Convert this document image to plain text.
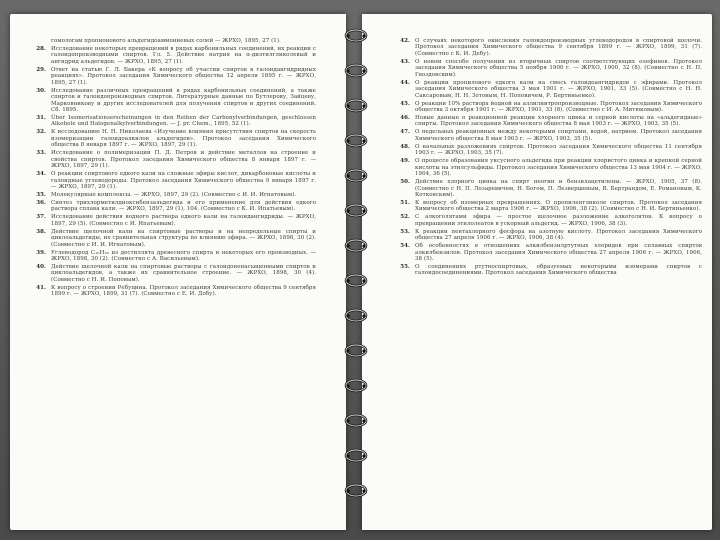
гомологам пропионового альдегидоаммониевых солей — ЖРХО, 1895, 27 (1).
28. Исследование некоторых превращений в рядах карбонильных соединений, их реакции с галоидопроизводными спиртов. Гл. 5. Действие натрия на α-диэтилгликолевый и ангидрид альдегидов. — ЖРХО, 1895, 27 (1).
29. Ответ на статью Г. Л. Бакера «К вопросу об участии спиртов в галоидангидридных реакциях». Протокол заседания Химического общества 12 апреля 1895 г. — ЖРХО, 1895, 27 (1).
30. Исследование различных превращений в рядах карбонильных соединений, а также спиртов и галоидопроизводных спиртов. Литературные данные по Бутлерову, Зайцеву, Марковникову и других исследователей для получения спиртов и других соединений. Сб. 1895.
31. Über Isomerisationserscheinungen in den Reihen der Carbonylverbindungen, geschlossen Alkohole und Halogenalkylverbindungen. — J. pr. Chem., 1895, 52 (1).
32. К исследованию Н. Н. Николаева «Изучение влияния присутствия спиртов на скорость изомеризации галоидоалкилов альдегидов». Протокол заседания Химического общества 8 января 1897 г. — ЖРХО, 1897, 29 (1).
33. Исследование о полимеризации П. Д. Петров и действие металлов на строение и свойства спиртов. Протокол заседания Химического общества 8 января 1897 г. — ЖРХО, 1897, 29 (1).
34. О реакции спиртового едкого кали на сложные эфиры кислот, дикарбоновые кислоты и галоидные углеводороды. Протокол заседания Химического общества 9 января 1897 г. — ЖРХО, 1897, 29 (1).
35. Молекулярные комплексы. — ЖРХО, 1897, 29 (2). (Совместно с И. И. Игнатовым).
36. Синтез трихлорметилдиоксибензальдегида и его применение для действия едкого раствора сплава кали. — ЖРХО, 1897, 29 (1), 104. (Совместно с К. И. Ипатьевым).
37. Исследование действия водного раствора едкого кали на галоидангидриды. — ЖРХО, 1897, 29 (5). (Совместно с И. Ипатьевым).
38. Действие щелочной кали на спиртовые растворы и на непредельные спирты и циклоальдегиды, их сравнительная структура по влиянию эфира. — ЖРХО, 1898, 30 (2). (Совместно с И. И. Игнатовым).
39. Углеводород C₁₅H₂₆ из дестиллята древесного спирта и некоторых его производных. — ЖРХО, 1898, 30 (2). (Совместно с А. Васильевым).
40. Действие щелочной кали на спиртовые растворы с галоидоненасыщенными спиртов и циклоальдегидов, а также их сравнительное строение. — ЖРХО, 1898, 30 (4). (Совместно с Н. И. Поповым).
41. К вопросу о строении Ребуцина. Протокол заседания Химического общества 9 сентября 1899 г. — ЖРХО, 1899, 31 (7). (Совместно с Е. И. Добу).
42. О случаях некоторого окисления галоидопроизводных углеводородов в спиртовой щелочи. Протокол заседания Химического общества 9 сентября 1899 г. — ЖРХО, 1899, 31 (7). (Совместно с К. И. Дебу).
43. О новом способе получения из вторичных спиртов соответствующих олефинов. Протокол заседания Химического общества 5 ноября 1900 г. — ЖРХО, 1900, 32 (8). (Совместно с Н. П. Гвоздовским).
44. О реакции пропилового едкого кали на смесь галоидоангидридов с эфирами. Протокол заседания Химического общества 3 мая 1901 г. — ЖРХО, 1901, 33 (5). (Совместно с Н. Н. Саксаровым, Н. Н. Зотовым, Н. Поповичем, Р. Бертиньенко).
45. О реакции 10% раствора йодной на аллилнитропроизводные. Протокол заседания Химического общества 3 октября 1901 г. — ЖРХО, 1901, 33 (8). (Совместно с И. А. Митюковым).
46. Новые данные о реакционной реакции хлорного цинка и серной кислоты на «альдегидные» спирты. Протокол заседания Химического общества 8 мая 1903 г. — ЖРХО, 1903, 35 (5).
47. О недельных реакционных между некоторыми спиртами, водой, натрием. Протокол заседания Химического общества 8 мая 1903 г. — ЖРХО, 1903, 35 (5).
48. О начальных разложениях спиртов. Протокол заседания Химического общества 11 сентября 1903 г. — ЖРХО, 1903, 35 (7).
49. О процессе образования уксусного альдегида при реакции хлористого цинка и крепкой серной кислоты на этилсульфиды. Протокол заседания Химического общества 13 мая 1904 г. — ЖРХО, 1904, 36 (5).
50. Действие хлорного цинка на спирт неогин и бензилацетилены. — ЖРХО, 1905, 37 (8). (Совместно с Н. П. Лозаревичем, Н. Богом, П. Лезвершеным, В. Бертрандом, Е. Романовым, К. Котковским).
51. К вопросу об изомерных превращениях. О пропиленгликоле спиртов. Протокол заседания Химического общества 2 марта 1906 г. — ЖРХО, 1906, 38 (2). (Совместно с Н. И. Бертиньенко).
52. С алкоголятами эфира — простое щелочное разложение алкоголятов. К вопросу о превращении этилолеатов в ускорный альдегид. — ЖРХО, 1906, 38 (3).
53. К реакции пентахлорного фосфора на азотную кислоту. Протокол заседания Химического общества 27 апреля 1906 г. — ЖРХО, 1906, 38 (4).
54. Об особенностях в отношениях алкилбензилртутных хлоридов при сплавных спиртов алкилбензилов. Протокол заседания Химического общества 27 апреля 1906 г. — ЖРХО, 1906, 38 (5).
55. О соединениях ртутноспиртовых, образуемых некоторыми изомерами спиртов с галоидосоединениями. Протокол заседания Химического общества
